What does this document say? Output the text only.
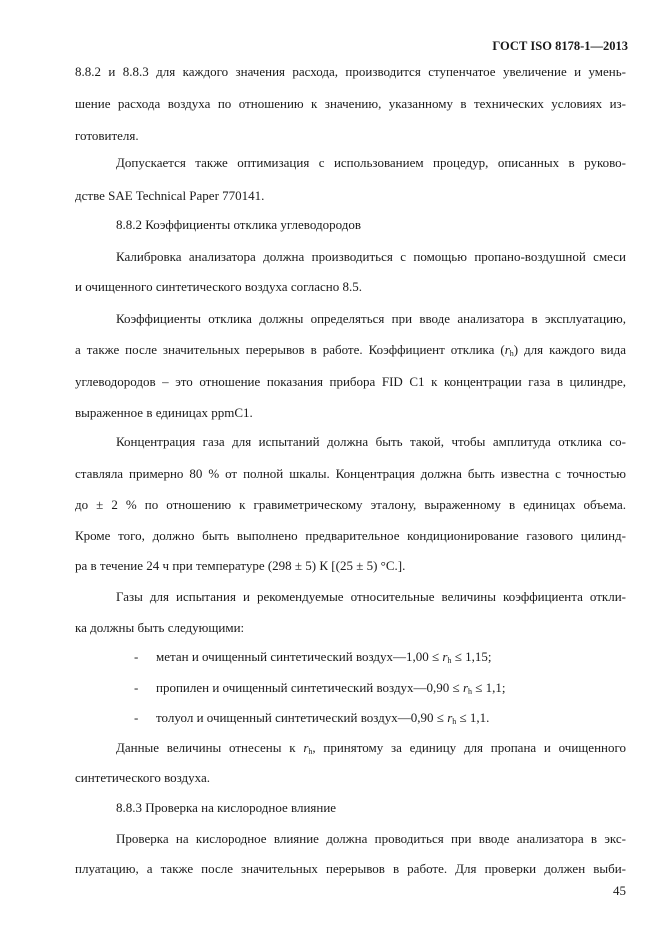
ГОСТ ISO 8178-1—2013
8.8.2 и 8.8.3 для каждого значения расхода, производится ступенчатое увеличение и умень-
шение расхода воздуха по отношению к значению, указанному в технических условиях из-
готовителя.
Допускается также оптимизация с использованием процедур, описанных в руково-
дстве SAE Technical Paper 770141.
8.8.2 Коэффициенты отклика углеводородов
Калибровка анализатора должна производиться с помощью пропано-воздушной смеси
и очищенного синтетического воздуха согласно 8.5.
Коэффициенты отклика должны определяться при вводе анализатора в эксплуатацию,
а также после значительных перерывов в работе. Коэффициент отклика $(r_h)$ для каждого вида
углеводородов – это отношение показания прибора FID C1 к концентрации газа в цилиндре,
выраженное в единицах ppmC1.
Концентрация газа для испытаний должна быть такой, чтобы амплитуда отклика со-
ставляла примерно 80 % от полной шкалы. Концентрация должна быть известна с точностью
до ± 2 % по отношению к гравиметрическому эталону, выраженному в единицах объема.
Кроме того, должно быть выполнено предварительное кондиционирование газового цилинд-
ра в течение 24 ч при температуре (298 ± 5) К [(25 ± 5) °C.].
Газы для испытания и рекомендуемые относительные величины коэффициента откли-
ка должны быть следующими:
- метан и очищенный синтетический воздух—1,00 ≤ $r_h \le 1,15$;
- пропилен и очищенный синтетический воздух—0,90 ≤ $r_h \le 1,1$;
- толуол и очищенный синтетический воздух—0,90 ≤ $r_h \le 1,1$.
Данные величины отнесены к $r_h$, принятому за единицу для пропана и очищенного
синтетического воздуха.
8.8.3 Проверка на кислородное влияние
Проверка на кислородное влияние должна проводиться при вводе анализатора в экс-
плуатацию, а также после значительных перерывов в работе. Для проверки должен выби-
45
